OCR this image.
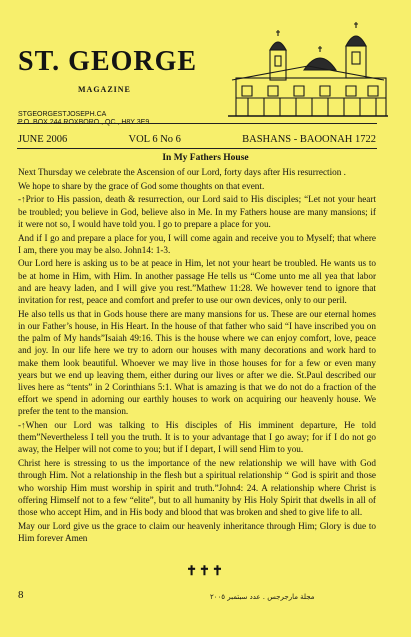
ST. GEORGE
MAGAZINE
STGEORGESTJOSEPH.CA
P.O. BOX 244 ROXBORO , QC , H8Y 3E9
JUNE 2006	VOL 6 No 6	BASHANS - BAOONAH 1722
In My Fathers House

Next Thursday we celebrate the Ascension of our Lord, forty days after His resurrection .

We hope to share by the grace of God some thoughts on that event.

-↑Prior to His passion, death & resurrection, our Lord said to His disciples; “Let not your heart be troubled; you believe in God, believe also in Me. In my Fathers house are many mansions; if it were not so, I would have told you. I go to prepare a place for you.

And if I go and prepare a place for you, I will come again and receive you to Myself; that where I am, there you may be also. John14: 1-3.

Our Lord here is asking us to be at peace in Him, let not your heart be troubled. He wants us to be at home in Him, with Him. In another passage He tells us “Come unto me all yea that labor and are heavy laden, and I will give you rest.”Mathew 11:28. We however tend to ignore that invitation for rest, peace and comfort and prefer to use our own devices, only to our peril.

He also tells us that in Gods house there are many mansions for us. These are our eternal homes in our Father’s house, in His Heart. In the house of that father who said “I have inscribed you on the palm of My hands”Isaiah 49:16. This is the house where we can enjoy comfort, love, peace and joy. In our life here we try to adorn our houses with many decorations and work hard to make them look beautiful. Whoever we may live in those houses for for a few or even many years but we end up leaving them, either during our lives or after we die. St.Paul described our lives here as “tents” in 2 Corinthians 5:1. What is amazing is that we do not do a fraction of the effort we spend in adorning our earthly houses to work on acquiring our heavenly house. We prefer the tent to the mansion.

-↑When our Lord was talking to His disciples of His imminent departure, He told them”Nevertheless I tell you the truth. It is to your advantage that I go away; for if I do not go away, the Helper will not come to you; but if I depart, I will send Him to you.

Christ here is stressing to us the importance of the new relationship we will have with God through Him. Not a relationship in the flesh but a spiritual relationship “ God is spirit and those who worship Him must worship in spirit and truth.”John4: 24. A relationship where Christ is offering Himself not to a few “elite”, but to all humanity by His Holy Spirit that dwells in all of those who accept Him, and in His body and blood that was broken and shed to give life to all.

May our Lord give us the grace to claim our heavenly inheritance through Him; Glory is due to Him forever Amen

✝✝✝
8	مجلة مارجرجس . عدد سبتمبر ٢٠٠٥
